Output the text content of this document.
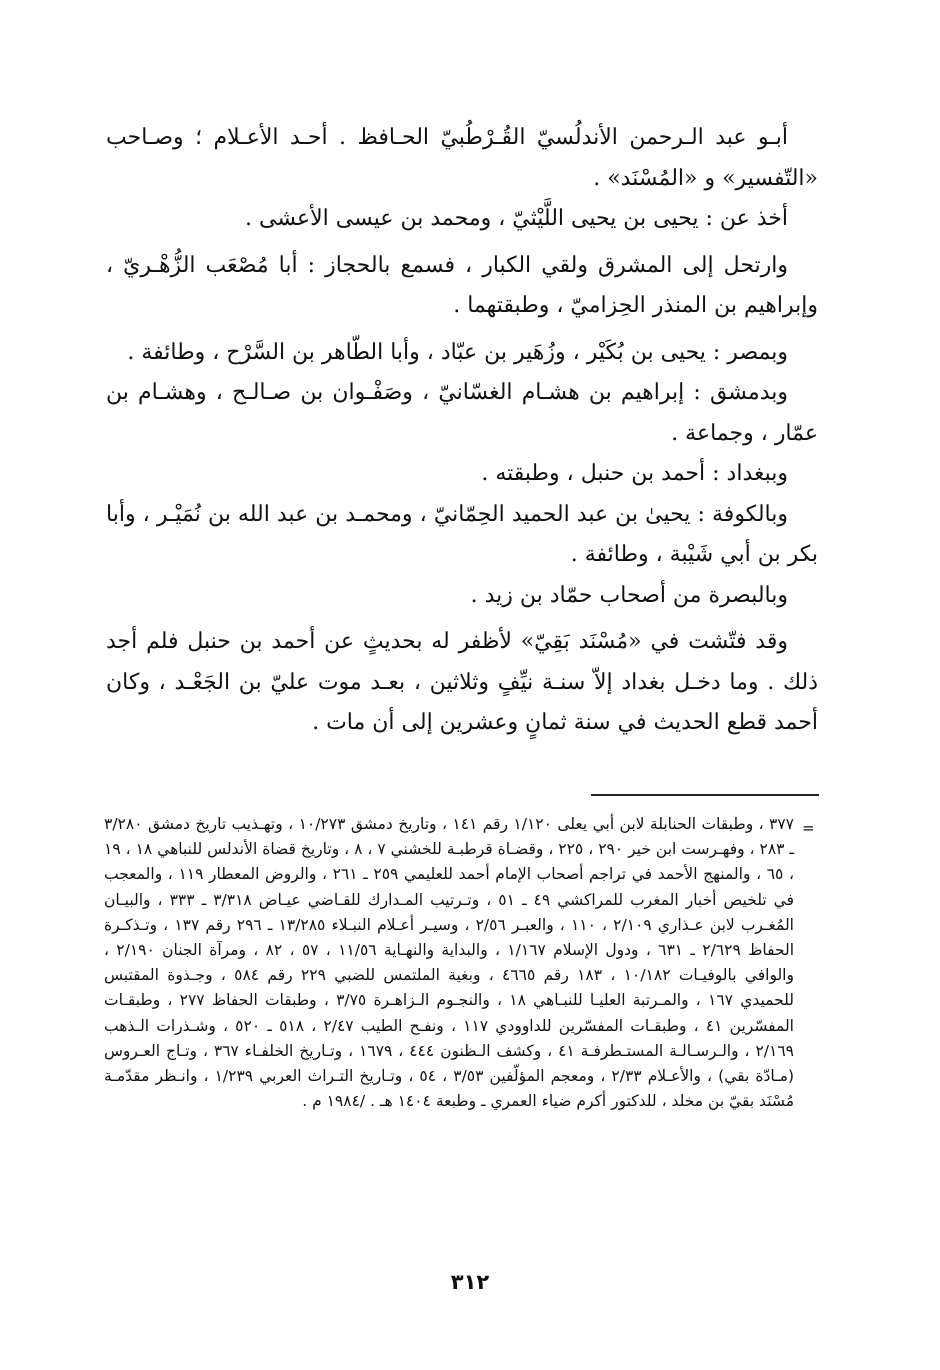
أبـو عبد الـرحمن الأندلُسيّ القُـرْطُبيّ الحـافظ . أحـد الأعـلام ؛ وصـاحب «التّفسير» و «المُسْنَد» .

أخذ عن : يحيى بن يحيى اللَّيْثيّ ، ومحمد بن عيسى الأعشى .

وارتحل إلى المشرق ولقي الكبار ، فسمع بالحجاز : أبا مُصْعَب الزُّهْـريّ ، وإبراهيم بن المنذر الحِزاميّ ، وطبقتهما .

وبمصر : يحيى بن بُكَيْر ، وزُهَير بن عبّاد ، وأبا الطّاهر بن السَّرْح ، وطائفة .

وبدمشق : إبراهيم بن هشـام الغسّانيّ ، وصَفْـوان بن صـالـح ، وهشـام بن عمّار ، وجماعة .

وببغداد : أحمد بن حنبل ، وطبقته .

وبالكوفة : يحيىٰ بن عبد الحميد الحِمّانيّ ، ومحمـد بن عبد الله بن نُمَيْـر ، وأبا بكر بن أبي شَيْبة ، وطائفة .

وبالبصرة من أصحاب حمّاد بن زيد .

وقد فتّشت في «مُسْنَد بَقِيّ» لأظفر له بحديثٍ عن أحمد بن حنبل فلم أجد ذلك . وما دخـل بغداد إلاّ سنـة نيِّفٍ وثلاثين ، بعـد موت عليّ بن الجَعْـد ، وكان أحمد قطع الحديث في سنة ثمانٍ وعشرين إلى أن مات .

=
٣٧٧ ، وطبقات الحنابلة لابن أبي يعلى ١/١٢٠ رقم ١٤١ ، وتاريخ دمشق ١٠/٢٧٣ ، وتهـذيب تاريخ دمشق ٣/٢٨٠ ـ ٢٨٣ ، وفهـرست ابن خير ٢٩٠ ، ٢٢٥ ، وقضـاة قرطبـة للخشني ٧ ، ٨ ، وتاريخ قضاة الأندلس للنباهي ١٨ ، ١٩ ، ٦٥ ، والمنهج الأحمد في تراجم أصحاب الإمام أحمد للعليمي ٢٥٩ ـ ٢٦١ ، والروض المعطار ١١٩ ، والمعجب في تلخيص أخبار المغرب للمراكشي ٤٩ ـ ٥١ ، وتـرتيب المـدارك للقـاضي عيـاض ٣/٣١٨ ـ ٣٣٣ ، والبيـان المُغـرب لابن عـذاري ٢/١٠٩ ، ١١٠ ، والعبـر ٢/٥٦ ، وسيـر أعـلام النبـلاء ١٣/٢٨٥ ـ ٢٩٦ رقم ١٣٧ ، وتـذكـرة الحفاظ ٢/٦٢٩ ـ ٦٣١ ، ودول الإسلام ١/١٦٧ ، والبداية والنهـاية ١١/٥٦ ، ٥٧ ، ٨٢ ، ومرآة الجنان ٢/١٩٠ ، والوافي بالوفيـات ١٠/١٨٢ ، ١٨٣ رقم ٤٦٦٥ ، وبغية الملتمس للضبي ٢٢٩ رقم ٥٨٤ ، وجـذوة المقتبس للحميدي ١٦٧ ، والمـرتبة العليـا للنبـاهي ١٨ ، والنجـوم الـزاهـرة ٣/٧٥ ، وطبقات الحفاظ ٢٧٧ ، وطبقـات المفسّرين ٤١ ، وطبقـات المفسّرين للداوودي ١١٧ ، ونفـح الطيب ٢/٤٧ ، ٥١٨ ـ ٥٢٠ ، وشـذرات الـذهب ٢/١٦٩ ، والـرسـالـة المستـطرفـة ٤١ ، وكشف الـظنون ٤٤٤ ، ١٦٧٩ ، وتـاريخ الخلفـاء ٣٦٧ ، وتـاج العـروس (مـادّة بقي) ، والأعـلام ٢/٣٣ ، ومعجم المؤلّفين ٣/٥٣ ، ٥٤ ، وتـاريخ التـراث العربي ١/٢٣٩ ، وانـظر مقدّمـة مُسْنَد بقيّ بن مخلد ، للدكتور أكرم ضياء العمري ـ وطبعة ١٤٠٤ هـ . /١٩٨٤ م .
٣١٢
